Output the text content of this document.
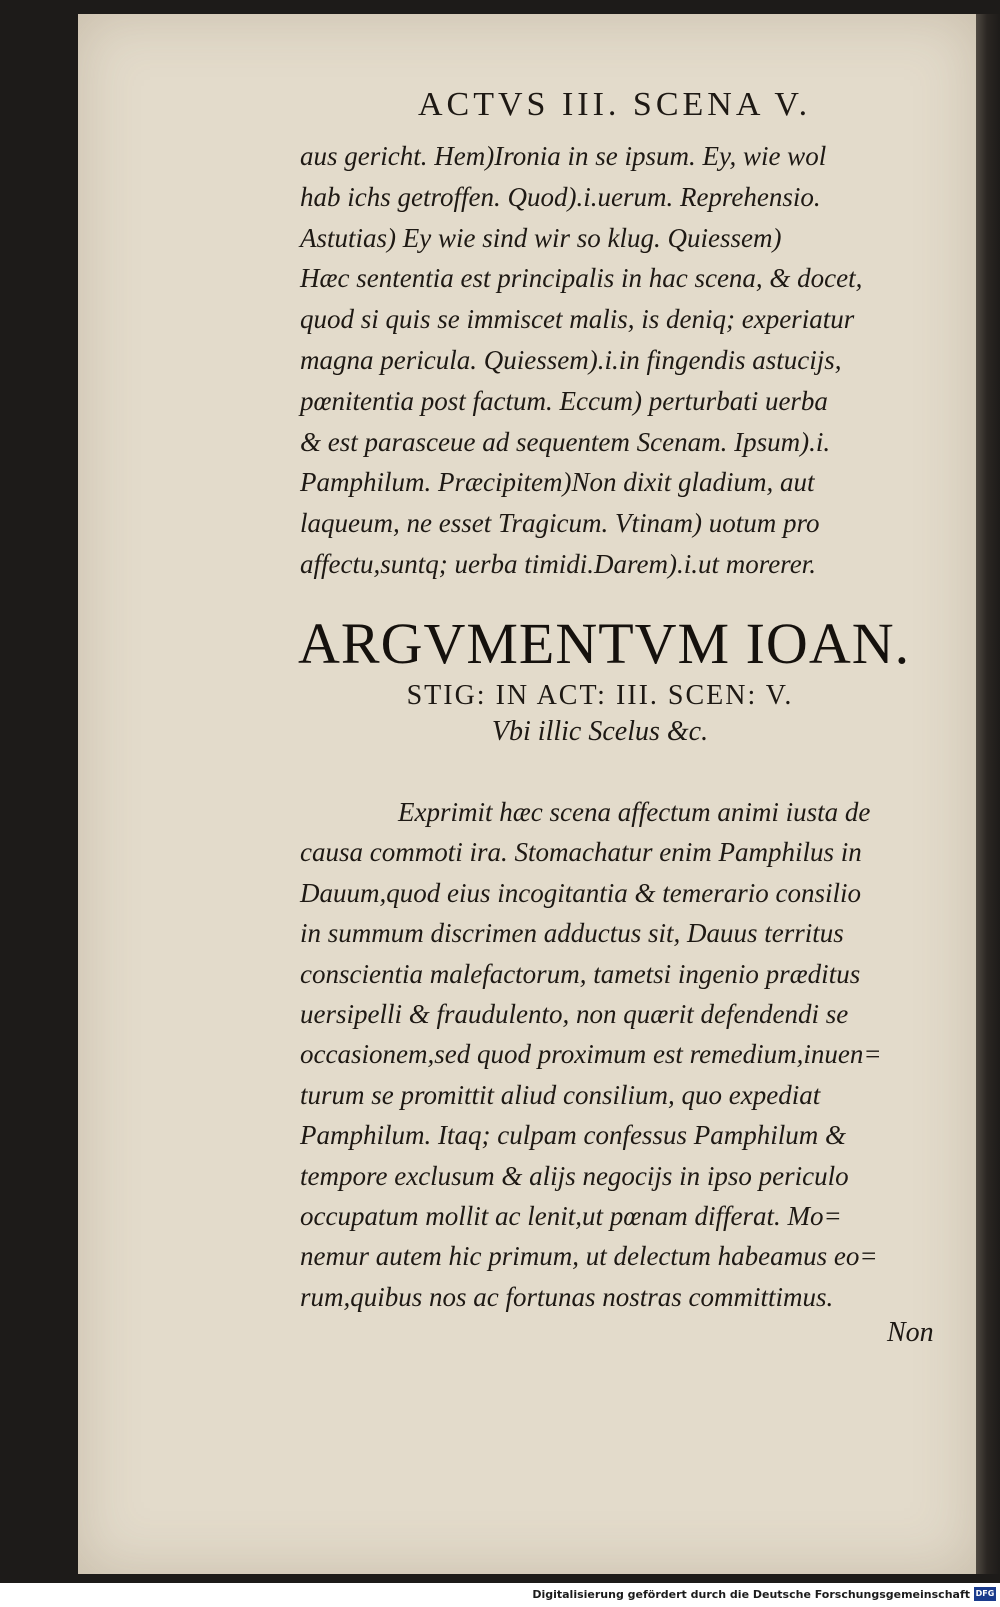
ACTVS III. SCENA V.
aus gericht. Hem)Ironia in se ipsum. Ey, wie wol
hab ichs getroffen. Quod).i.uerum. Reprehensio.
Astutias) Ey wie sind wir so klug. Quiessem)
Hæc sententia est principalis in hac scena, & docet,
quod si quis se immiscet malis, is deniq; experiatur
magna pericula. Quiessem).i.in fingendis astucijs,
pœnitentia post factum. Eccum) perturbati uerba
& est parasceue ad sequentem Scenam. Ipsum).i.
Pamphilum. Præcipitem)Non dixit gladium, aut
laqueum, ne esset Tragicum. Vtinam) uotum pro
affectu,suntq; uerba timidi.Darem).i.ut morerer.
ARGVMENTVM IOAN.
STIG: IN ACT: III. SCEN: V.
Vbi illic Scelus &c.
Exprimit hæc scena affectum animi iusta de
causa commoti ira. Stomachatur enim Pamphilus in
Dauum,quod eius incogitantia & temerario consilio
in summum discrimen adductus sit, Dauus territus
conscientia malefactorum, tametsi ingenio præditus
uersipelli & fraudulento, non quærit defendendi se
occasionem,sed quod proximum est remedium,inuen=
turum se promittit aliud consilium, quo expediat
Pamphilum. Itaq; culpam confessus Pamphilum &
tempore exclusum & alijs negocijs in ipso periculo
occupatum mollit ac lenit,ut pœnam differat. Mo=
nemur autem hic primum, ut delectum habeamus eo=
rum,quibus nos ac fortunas nostras committimus.
Non
Digitalisierung gefördert durch die Deutsche Forschungsgemeinschaft DFG
